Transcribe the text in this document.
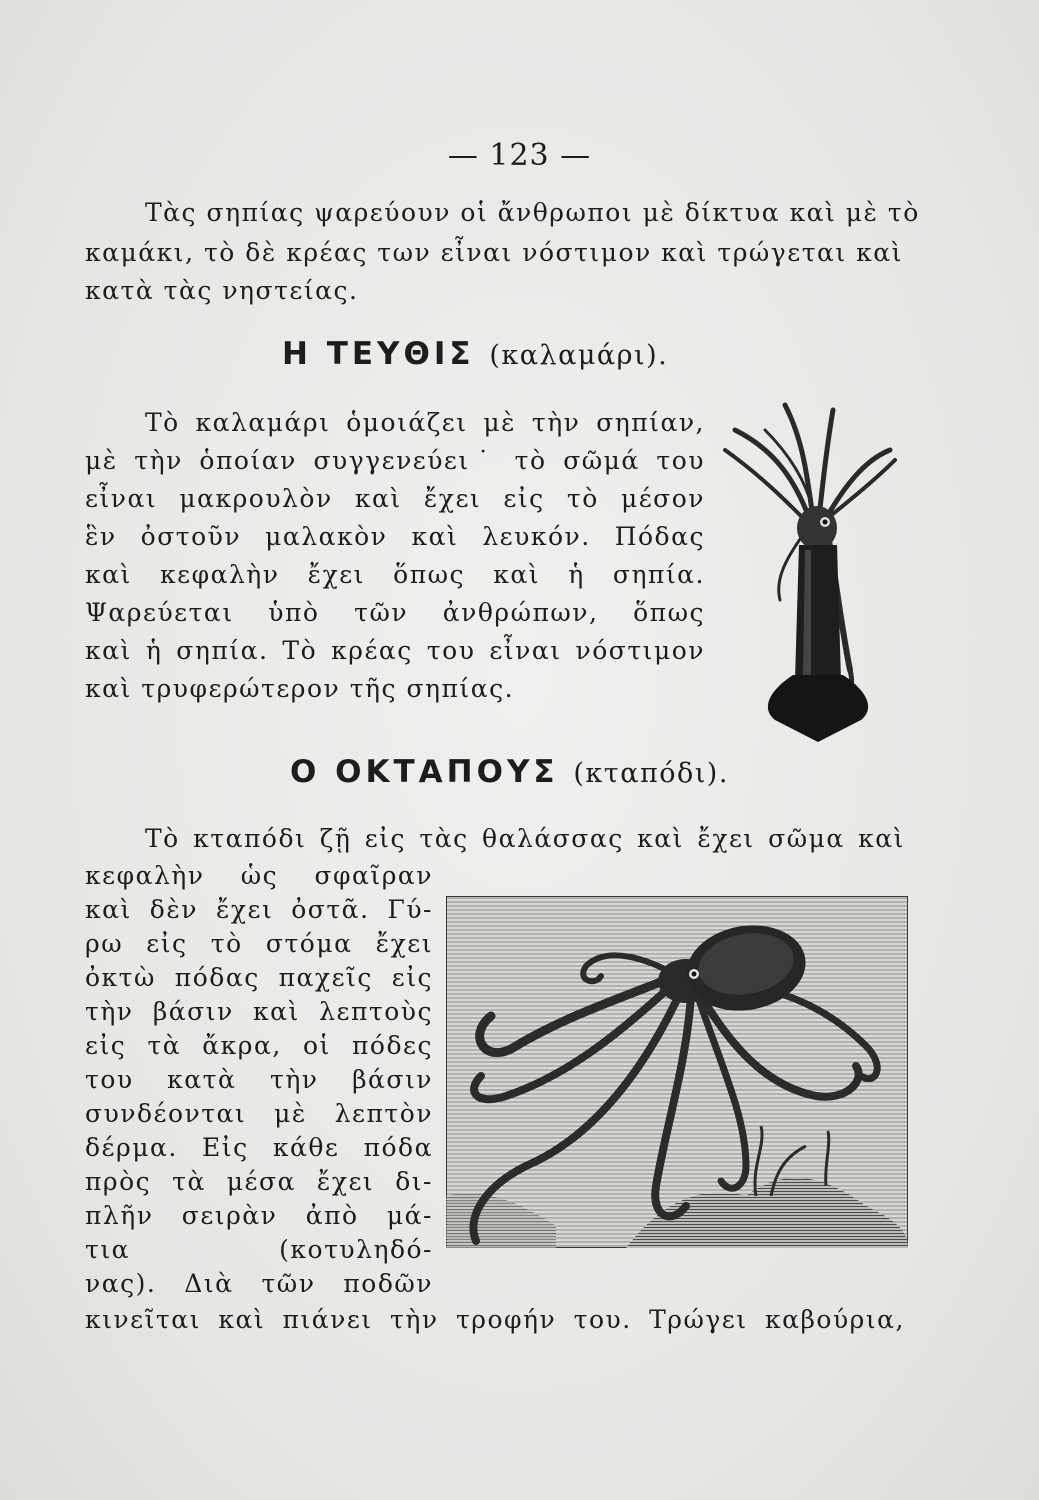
— 123 —
Τὰς σηπίας ψαρεύουν οἱ ἄνθρωποι μὲ δίκτυα καὶ μὲ τὸ
καμάκι, τὸ δὲ κρέας των εἶναι νόστιμον καὶ τρώγεται καὶ
κατὰ τὰς νηστείας.
Η ΤΕΥΘΙΣ (καλαμάρι).
Τὸ καλαμάρι ὁμοιάζει μὲ τὴν σηπίαν,
μὲ τὴν ὁποίαν συγγενεύει˙ τὸ σῶμά του
εἶναι μακρουλὸν καὶ ἔχει εἰς τὸ μέσον
ἓν ὀστοῦν μαλακὸν καὶ λευκόν. Πόδας
καὶ κεφαλὴν ἔχει ὅπως καὶ ἡ σηπία.
Ψαρεύεται ὑπὸ τῶν ἀνθρώπων, ὅπως
καὶ ἡ σηπία. Τὸ κρέας του εἶναι νόστιμον
καὶ τρυφερώτερον τῆς σηπίας.
Ο ΟΚΤΑΠΟΥΣ (κταπόδι).
Τὸ κταπόδι ζῇ εἰς τὰς θαλάσσας καὶ ἔχει σῶμα καὶ
κεφαλὴν ὡς σφαῖραν
καὶ δὲν ἔχει ὀστᾶ. Γύ-
ρω εἰς τὸ στόμα ἔχει
ὀκτὼ πόδας παχεῖς εἰς
τὴν βάσιν καὶ λεπτοὺς
εἰς τὰ ἄκρα, οἱ πόδες
του κατὰ τὴν βάσιν
συνδέονται μὲ λεπτὸν
δέρμα. Εἰς κάθε πόδα
πρὸς τὰ μέσα ἔχει δι-
πλῆν σειρὰν ἀπὸ μά-
τια (κοτυληδό-
νας). Διὰ τῶν ποδῶν
κινεῖται καὶ πιάνει τὴν τροφήν του. Τρώγει καβούρια,
